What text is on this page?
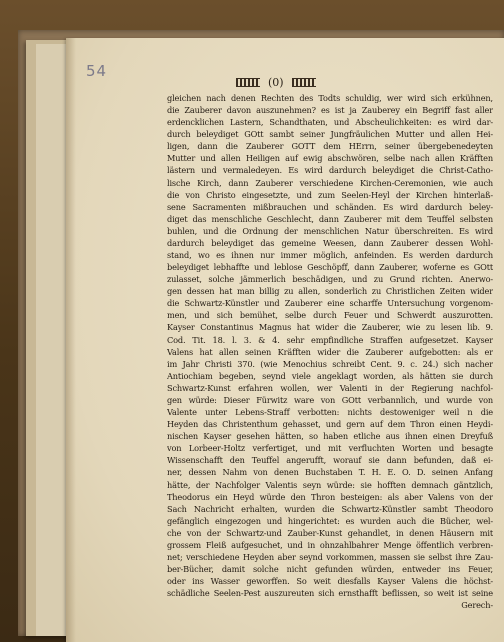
54
(0)
gleichen nach denen Rechten des Todts schuldig, wer wird sich erkühnen,
die Zauberer davon auszunehmen? es ist ja Zauberey ein Begriff fast aller
erdencklichen Lastern, Schandthaten, und Abscheulichkeiten: es wird dar-
durch beleydiget GOtt sambt seiner Jungfräulichen Mutter und allen Hei-
ligen, dann die Zauberer GOTT dem HErrn, seiner übergebenedeyten
Mutter und allen Heiligen auf ewig abschwören, selbe nach allen Kräfften
lästern und vermaledeyen. Es wird dardurch beleydiget die Christ-Catho-
lische Kirch, dann Zauberer verschiedene Kirchen-Ceremonien, wie auch
die von Christo eingesetzte, und zum Seelen-Heyl der Kirchen hinterlaß-
sene Sacramenten mißbrauchen und schänden. Es wird dardurch beley-
diget das menschliche Geschlecht, dann Zauberer mit dem Teuffel selbsten
buhlen, und die Ordnung der menschlichen Natur überschreiten. Es wird
dardurch beleydiget das gemeine Weesen, dann Zauberer dessen Wohl-
stand, wo es ihnen nur immer möglich, anfeinden. Es werden dardurch
beleydiget lebhaffte und leblose Geschöpff, dann Zauberer, woferne es GOtt
zulasset, solche jämmerlich beschädigen, und zu Grund richten. Anerwo-
gen dessen hat man billig zu allen, sonderlich zu Christlichen Zeiten wider
die Schwartz-Künstler und Zauberer eine scharffe Untersuchung vorgenom-
men, und sich bemühet, selbe durch Feuer und Schwerdt auszurotten.
Kayser Constantinus Magnus hat wider die Zauberer, wie zu lesen lib. 9.
Cod. Tit. 18. l. 3. & 4. sehr empfindliche Straffen aufgesetzet. Kayser
Valens hat allen seinen Kräfften wider die Zauberer aufgebotten: als er
im Jahr Christi 370. (wie Menochius schreibt Cent. 9. c. 24.) sich nacher
Antiochiam begeben, seynd viele angeklagt worden, als hätten sie durch
Schwartz-Kunst erfahren wollen, wer Valenti in der Regierung nachfol-
gen würde: Dieser Fürwitz ware von GOtt verbannlich, und wurde von
Valente unter Lebens-Straff verbotten: nichts destoweniger weil n die
Heyden das Christenthum gehasset, und gern auf dem Thron einen Heydi-
nischen Kayser gesehen hätten, so haben etliche aus ihnen einen Dreyfuß
von Lorbeer-Holtz verfertiget, und mit verfluchten Worten und besagte
Wissenschafft den Teuffel angerufft, worauf sie dann befunden, daß ei-
ner, dessen Nahm von denen Buchstaben T. H. E. O. D. seinen Anfang
hätte, der Nachfolger Valentis seyn würde: sie hofften demnach gäntzlich,
Theodorus ein Heyd würde den Thron besteigen: als aber Valens von der
Sach Nachricht erhalten, wurden die Schwartz-Künstler sambt Theodoro
gefänglich eingezogen und hingerichtet: es wurden auch die Bücher, wel-
che von der Schwartz-und Zauber-Kunst gehandlet, in denen Häusern mit
grossem Fleiß aufgesuchet, und in ohnzahlbahrer Menge öffentlich verbren-
net; verschiedene Heyden aber seynd vorkommen, massen sie selbst ihre Zau-
ber-Bücher, damit solche nicht gefunden würden, entweder ins Feuer,
oder ins Wasser geworffen. So weit diesfalls Kayser Valens die höchst-
schädliche Seelen-Pest auszureuten sich ernsthafft beflissen, so weit ist seine
Gerech-
